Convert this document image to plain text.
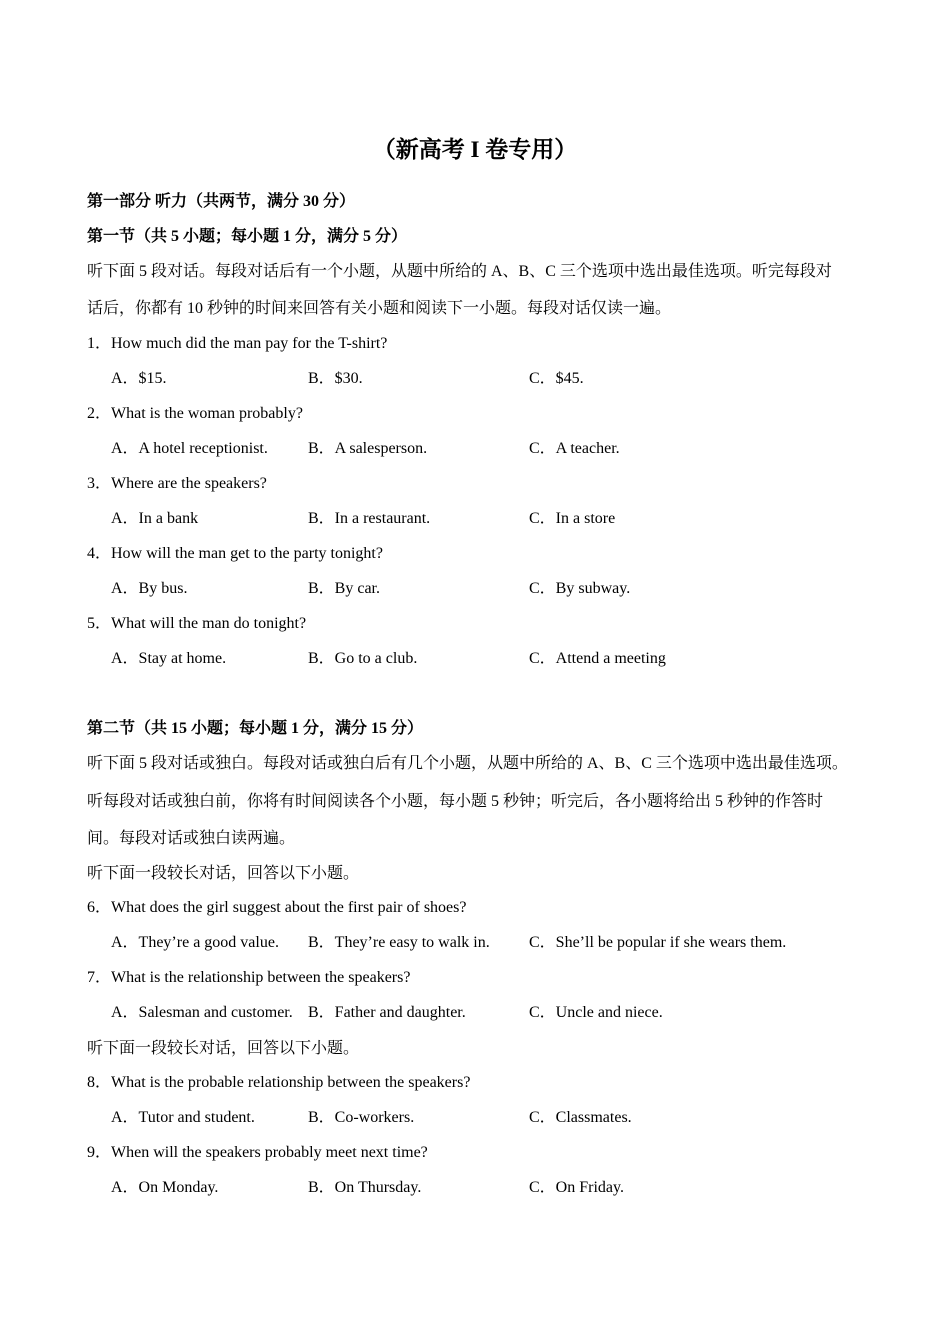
（新高考 I 卷专用）
第一部分 听力（共两节，满分 30 分）
第一节（共 5 小题；每小题 1 分，满分 5 分）
听下面 5 段对话。每段对话后有一个小题，从题中所给的 A、B、C 三个选项中选出最佳选项。听完每段对
话后，你都有 10 秒钟的时间来回答有关小题和阅读下一小题。每段对话仅读一遍。
1．How much did the man pay for the T-shirt?
A．$15.	B．$30.	C．$45.
2．What is the woman probably?
A．A hotel receptionist.	B．A salesperson.	C．A teacher.
3．Where are the speakers?
A．In a bank	B．In a restaurant.	C．In a store
4．How will the man get to the party tonight?
A．By bus.	B．By car.	C．By subway.
5．What will the man do tonight?
A．Stay at home.	B．Go to a club.	C．Attend a meeting
第二节（共 15 小题；每小题 1 分，满分 15 分）
听下面 5 段对话或独白。每段对话或独白后有几个小题，从题中所给的 A、B、C 三个选项中选出最佳选项。
听每段对话或独白前，你将有时间阅读各个小题，每小题 5 秒钟；听完后，各小题将给出 5 秒钟的作答时
间。每段对话或独白读两遍。
听下面一段较长对话，回答以下小题。
6．What does the girl suggest about the first pair of shoes?
A．They’re a good value. B．They’re easy to walk in. C．She’ll be popular if she wears them.
7．What is the relationship between the speakers?
A．Salesman and customer. B．Father and daughter.	C．Uncle and niece.
听下面一段较长对话，回答以下小题。
8．What is the probable relationship between the speakers?
A．Tutor and student.	B．Co-workers.	C．Classmates.
9．When will the speakers probably meet next time?
A．On Monday.	B．On Thursday.	C．On Friday.
